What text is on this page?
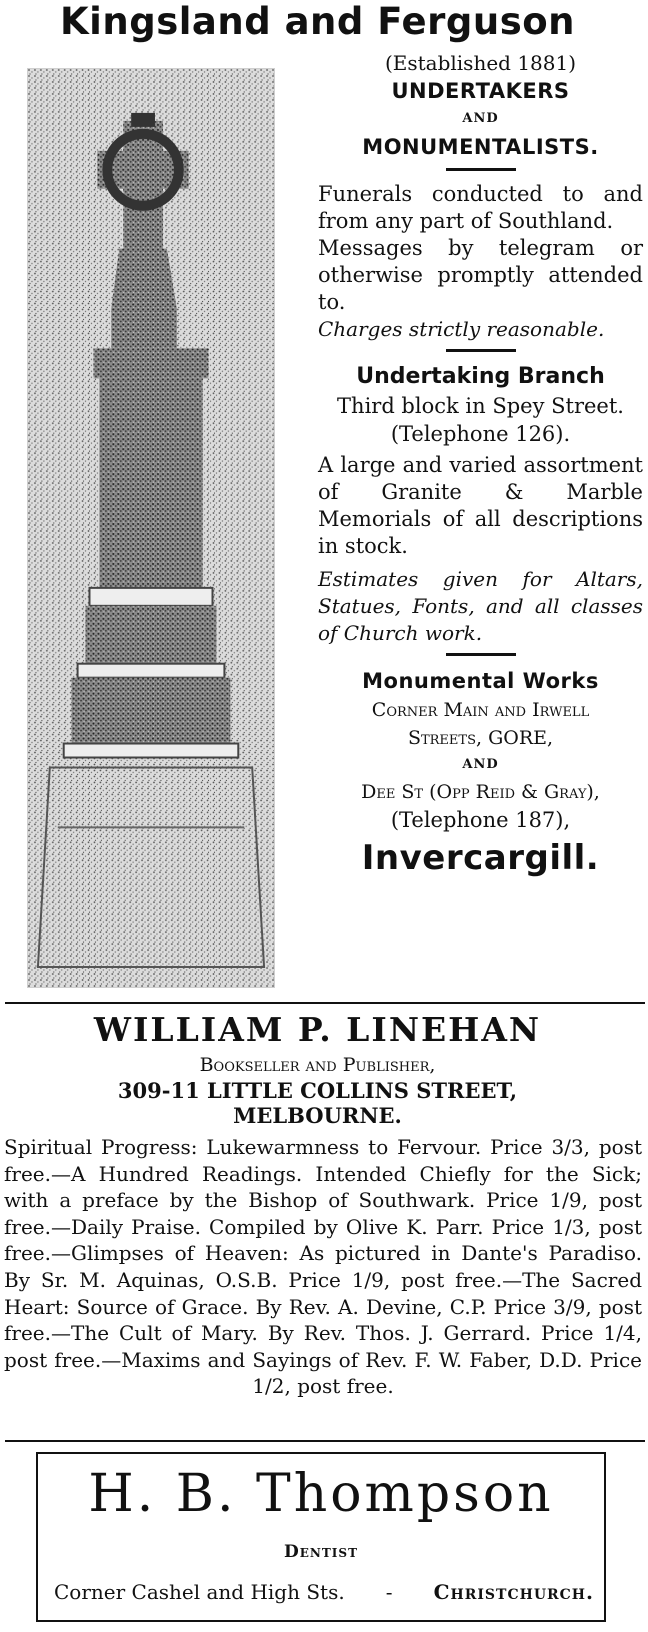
Kingsland and Ferguson
(Established 1881)
UNDERTAKERS
AND
MONUMENTALISTS.

Funerals conducted to and from any part of Southland.

Messages by telegram or otherwise promptly attended to.

Charges strictly reasonable.

Undertaking Branch
Third block in Spey Street.
(Telephone 126).

A large and varied assortment of Granite & Marble Memorials of all descriptions in stock.

Estimates given for Altars, Statues, Fonts, and all classes of Church work.

Monumental Works
Corner Main and Irwell
Streets, GORE,
AND
Dee St (Opp Reid & Gray),
(Telephone 187),
Invercargill.
WILLIAM P. LINEHAN
Bookseller and Publisher,
309-11 LITTLE COLLINS STREET,
MELBOURNE.

Spiritual Progress: Lukewarmness to Fervour. Price 3/3, post free.—A Hundred Readings. Intended Chiefly for the Sick; with a preface by the Bishop of Southwark. Price 1/9, post free.—Daily Praise. Compiled by Olive K. Parr. Price 1/3, post free.—Glimpses of Heaven: As pictured in Dante's Paradiso. By Sr. M. Aquinas, O.S.B. Price 1/9, post free.—The Sacred Heart: Source of Grace. By Rev. A. Devine, C.P. Price 3/9, post free.—The Cult of Mary. By Rev. Thos. J. Gerrard. Price 1/4, post free.—Maxims and Sayings of Rev. F. W. Faber, D.D. Price 1/2, post free.

H. B. Thompson
Dentist
Corner Cashel and High Sts. - Christchurch.
